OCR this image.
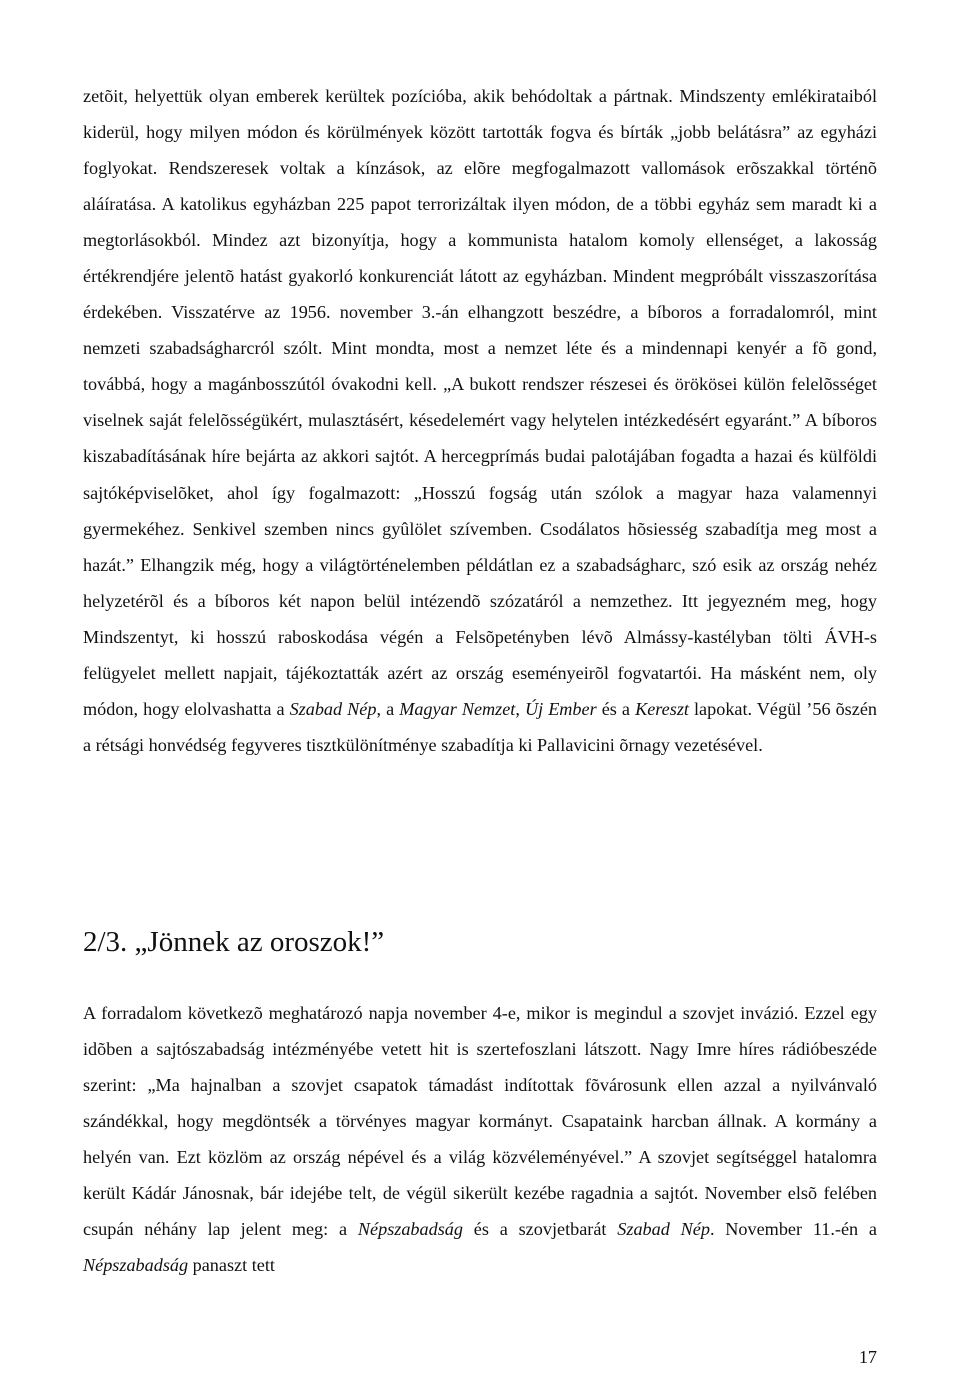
zetõit, helyettük olyan emberek kerültek pozícióba, akik behódoltak a pártnak. Mindszenty emlékirataiból kiderül, hogy milyen módon és körülmények között tartották fogva és bírták „jobb belátásra” az egyházi foglyokat. Rendszeresek voltak a kínzások, az elõre megfogalmazott vallomások erõszakkal történõ aláíratása. A katolikus egyházban 225 papot terrorizáltak ilyen módon, de a többi egyház sem maradt ki a megtorlásokból. Mindez azt bizonyítja, hogy a kommunista hatalom komoly ellenséget, a lakosság értékrendjére jelentõ hatást gyakorló konkurenciát látott az egyházban. Mindent megpróbált visszaszorítása érdekében. Visszatérve az 1956. november 3.-án elhangzott beszédre, a bíboros a forradalomról, mint nemzeti szabadságharcról szólt. Mint mondta, most a nemzet léte és a mindennapi kenyér a fõ gond, továbbá, hogy a magánbosszútól óvakodni kell. „A bukott rendszer részesei és örökösei külön felelõsséget viselnek saját felelõsségükért, mulasztásért, késedelemért vagy helytelen intézkedésért egyaránt.” A bíboros kiszabadításának híre bejárta az akkori sajtót. A hercegprímás budai palotájában fogadta a hazai és külföldi sajtóképviselõket, ahol így fogalmazott: „Hosszú fogság után szólok a magyar haza valamennyi gyermekéhez. Senkivel szemben nincs gyûlölet szívemben. Csodálatos hõsiesség szabadítja meg most a hazát.” Elhangzik még, hogy a világtörténelemben példátlan ez a szabadságharc, szó esik az ország nehéz helyzetérõl és a bíboros két napon belül intézendõ szózatáról a nemzethez. Itt jegyezném meg, hogy Mindszentyt, ki hosszú raboskodása végén a Felsõpetényben lévõ Almássy-kastélyban tölti ÁVH-s felügyelet mellett napjait, tájékoztatták azért az ország eseményeirõl fogvatartói. Ha másként nem, oly módon, hogy elolvashatta a Szabad Nép, a Magyar Nemzet, Új Ember és a Kereszt lapokat. Végül ’56 õszén a rétsági honvédség fegyveres tisztkülönítménye szabadítja ki Pallavicini õrnagy vezetésével.

2/3. „Jönnek az oroszok!”

A forradalom következõ meghatározó napja november 4-e, mikor is megindul a szovjet invázió. Ezzel egy idõben a sajtószabadság intézményébe vetett hit is szertefoszlani látszott. Nagy Imre híres rádióbeszéde szerint: „Ma hajnalban a szovjet csapatok támadást indítottak fõvárosunk ellen azzal a nyilvánvaló szándékkal, hogy megdöntsék a törvényes magyar kormányt. Csapataink harcban állnak. A kormány a helyén van. Ezt közlöm az ország népével és a világ közvéleményével.” A szovjet segítséggel hatalomra került Kádár Jánosnak, bár idejébe telt, de végül sikerült kezébe ragadnia a sajtót. November elsõ felében csupán néhány lap jelent meg: a Népszabadság és a szovjetbarát Szabad Nép. November 11.-én a Népszabadság panaszt tett

17
